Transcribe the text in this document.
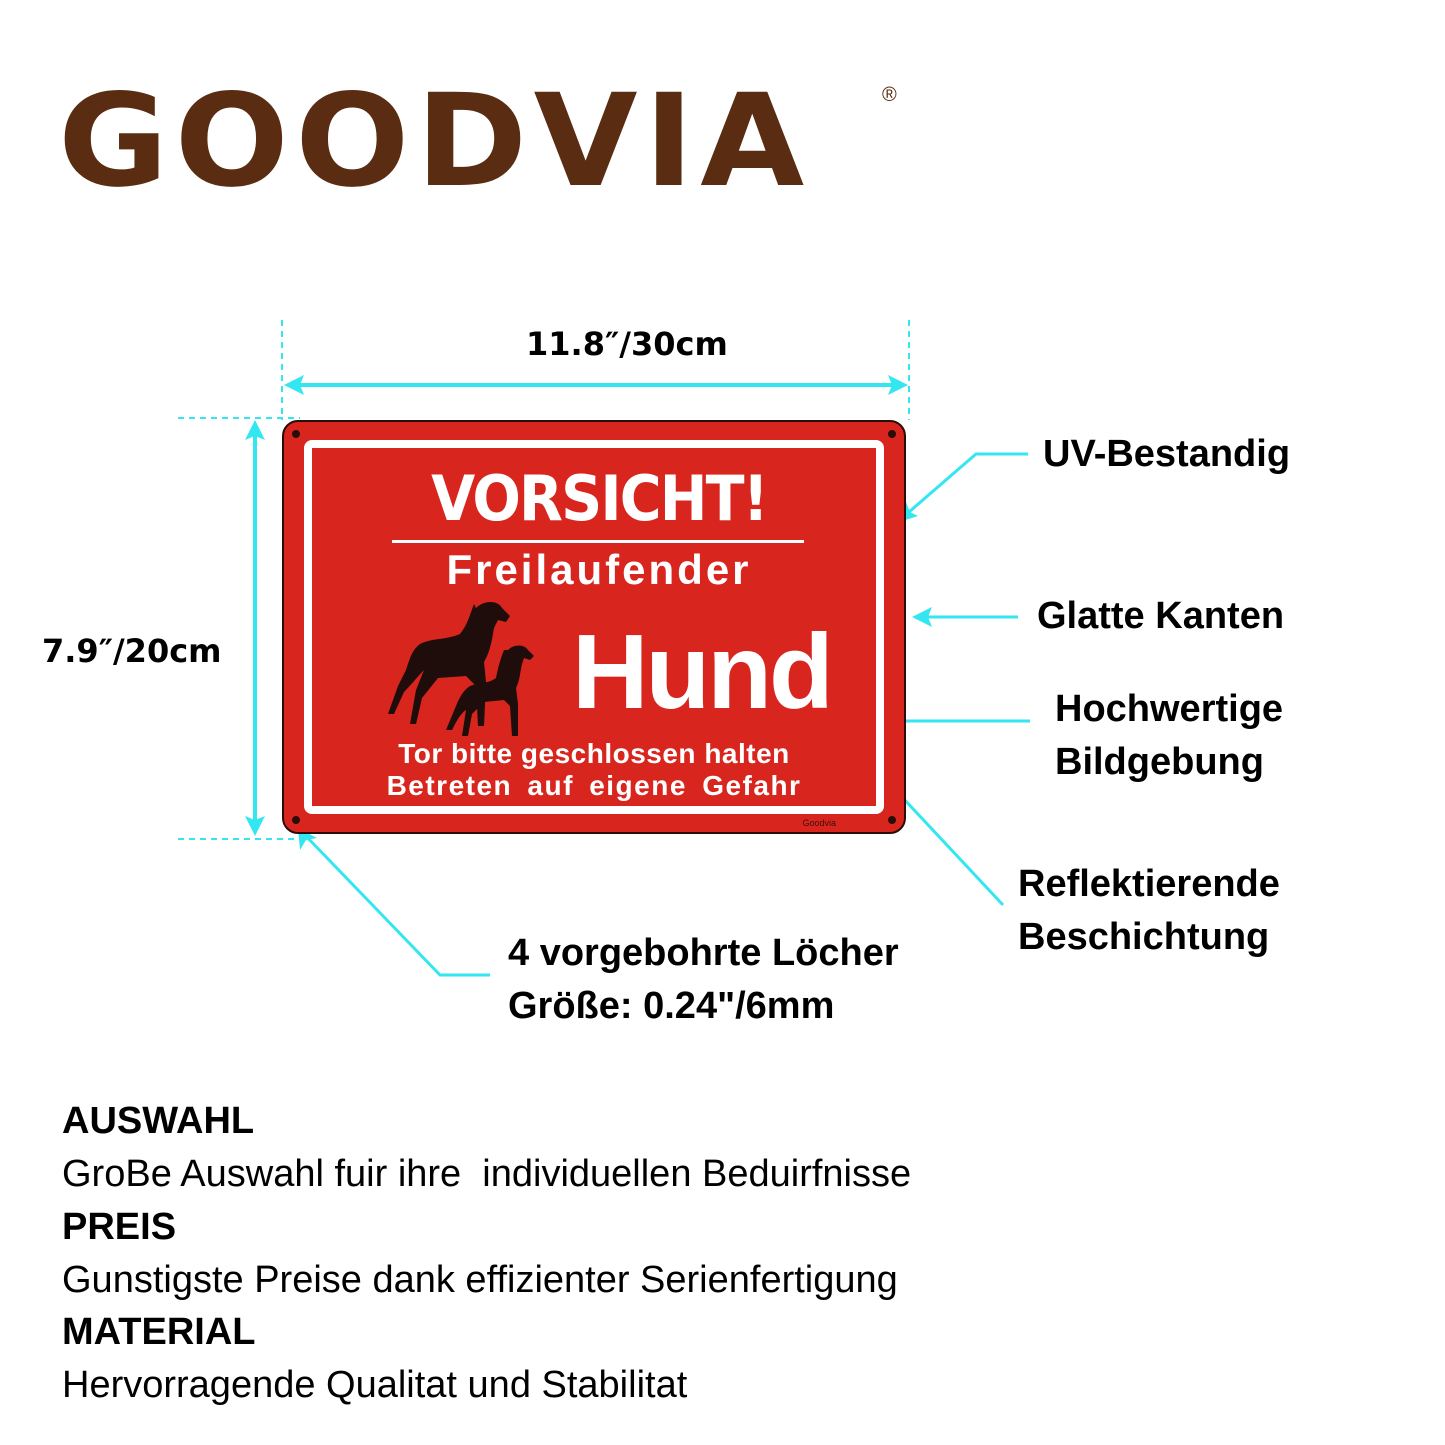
GOODVIA	®
11.8″/30cm
7.9″/20cm
VORSICHT!
Freilaufender
Hund
Tor bitte geschlossen halten
Betreten auf eigene Gefahr
Goodvia
UV-Bestandig
Glatte Kanten
Hochwertige
Bildgebung
Reflektierende
Beschichtung
4 vorgebohrte Löcher
Größe: 0.24"/6mm
AUSWAHL
GroBe Auswahl fuir ihre  individuellen Beduirfnisse
PREIS
Gunstigste Preise dank effizienter Serienfertigung
MATERIAL
Hervorragende Qualitat und Stabilitat
